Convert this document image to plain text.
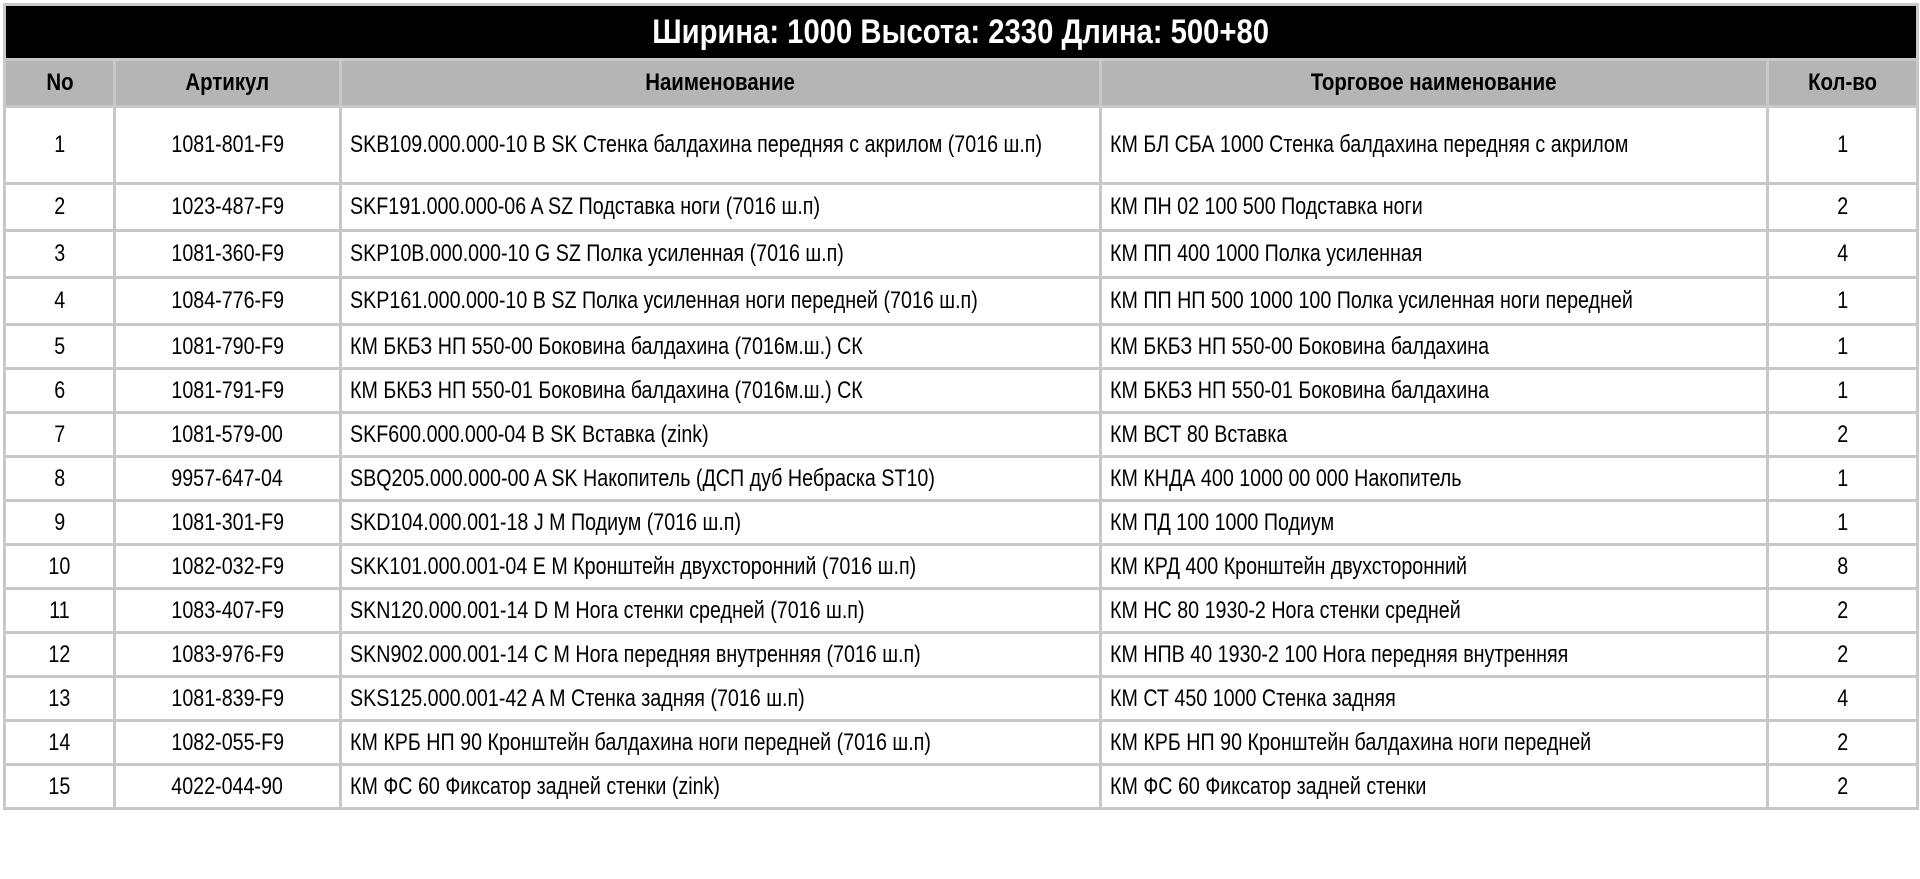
Ширина: 1000 Высота: 2330 Длина: 500+80				
No	Артикул	Наименование	Торговое наименование	Кол-во
1	1081-801-F9	SKB109.000.000-10 B SK Стенка балдахина передняя с акрилом (7016 ш.п)	КМ БЛ СБА 1000 Стенка балдахина передняя с акрилом	1
2	1023-487-F9	SKF191.000.000-06 A SZ Подставка ноги (7016 ш.п)	КМ ПН 02 100 500 Подставка ноги	2
3	1081-360-F9	SKP10B.000.000-10 G SZ Полка усиленная (7016 ш.п)	КМ ПП 400 1000 Полка усиленная	4
4	1084-776-F9	SKP161.000.000-10 B SZ Полка усиленная ноги передней (7016 ш.п)	КМ ПП НП 500 1000 100 Полка усиленная ноги передней	1
5	1081-790-F9	КМ БКБЗ НП 550-00 Боковина балдахина (7016м.ш.) СК	КМ БКБЗ НП 550-00 Боковина балдахина	1
6	1081-791-F9	КМ БКБЗ НП 550-01 Боковина балдахина (7016м.ш.) СК	КМ БКБЗ НП 550-01 Боковина балдахина	1
7	1081-579-00	SKF600.000.000-04 B SK Вставка (zink)	КМ ВСТ 80 Вставка	2
8	9957-647-04	SBQ205.000.000-00 A SK Накопитель (ДСП дуб Небраска ST10)	КМ КНДА 400 1000 00 000 Накопитель	1
9	1081-301-F9	SKD104.000.001-18 J M Подиум (7016 ш.п)	КМ ПД 100 1000 Подиум	1
10	1082-032-F9	SKK101.000.001-04 E M Кронштейн двухсторонний (7016 ш.п)	КМ КРД 400 Кронштейн двухсторонний	8
11	1083-407-F9	SKN120.000.001-14 D M Нога стенки средней (7016 ш.п)	КМ НС 80 1930-2 Нога стенки средней	2
12	1083-976-F9	SKN902.000.001-14 C M Нога передняя внутренняя (7016 ш.п)	КМ НПВ 40 1930-2 100 Нога передняя внутренняя	2
13	1081-839-F9	SKS125.000.001-42 A M Стенка задняя (7016 ш.п)	КМ СТ 450 1000 Стенка задняя	4
14	1082-055-F9	КМ КРБ НП 90 Кронштейн балдахина ноги передней (7016 ш.п)	КМ КРБ НП 90 Кронштейн балдахина ноги передней	2
15	4022-044-90	КМ ФС 60 Фиксатор задней стенки (zink)	КМ ФС 60 Фиксатор задней стенки	2
